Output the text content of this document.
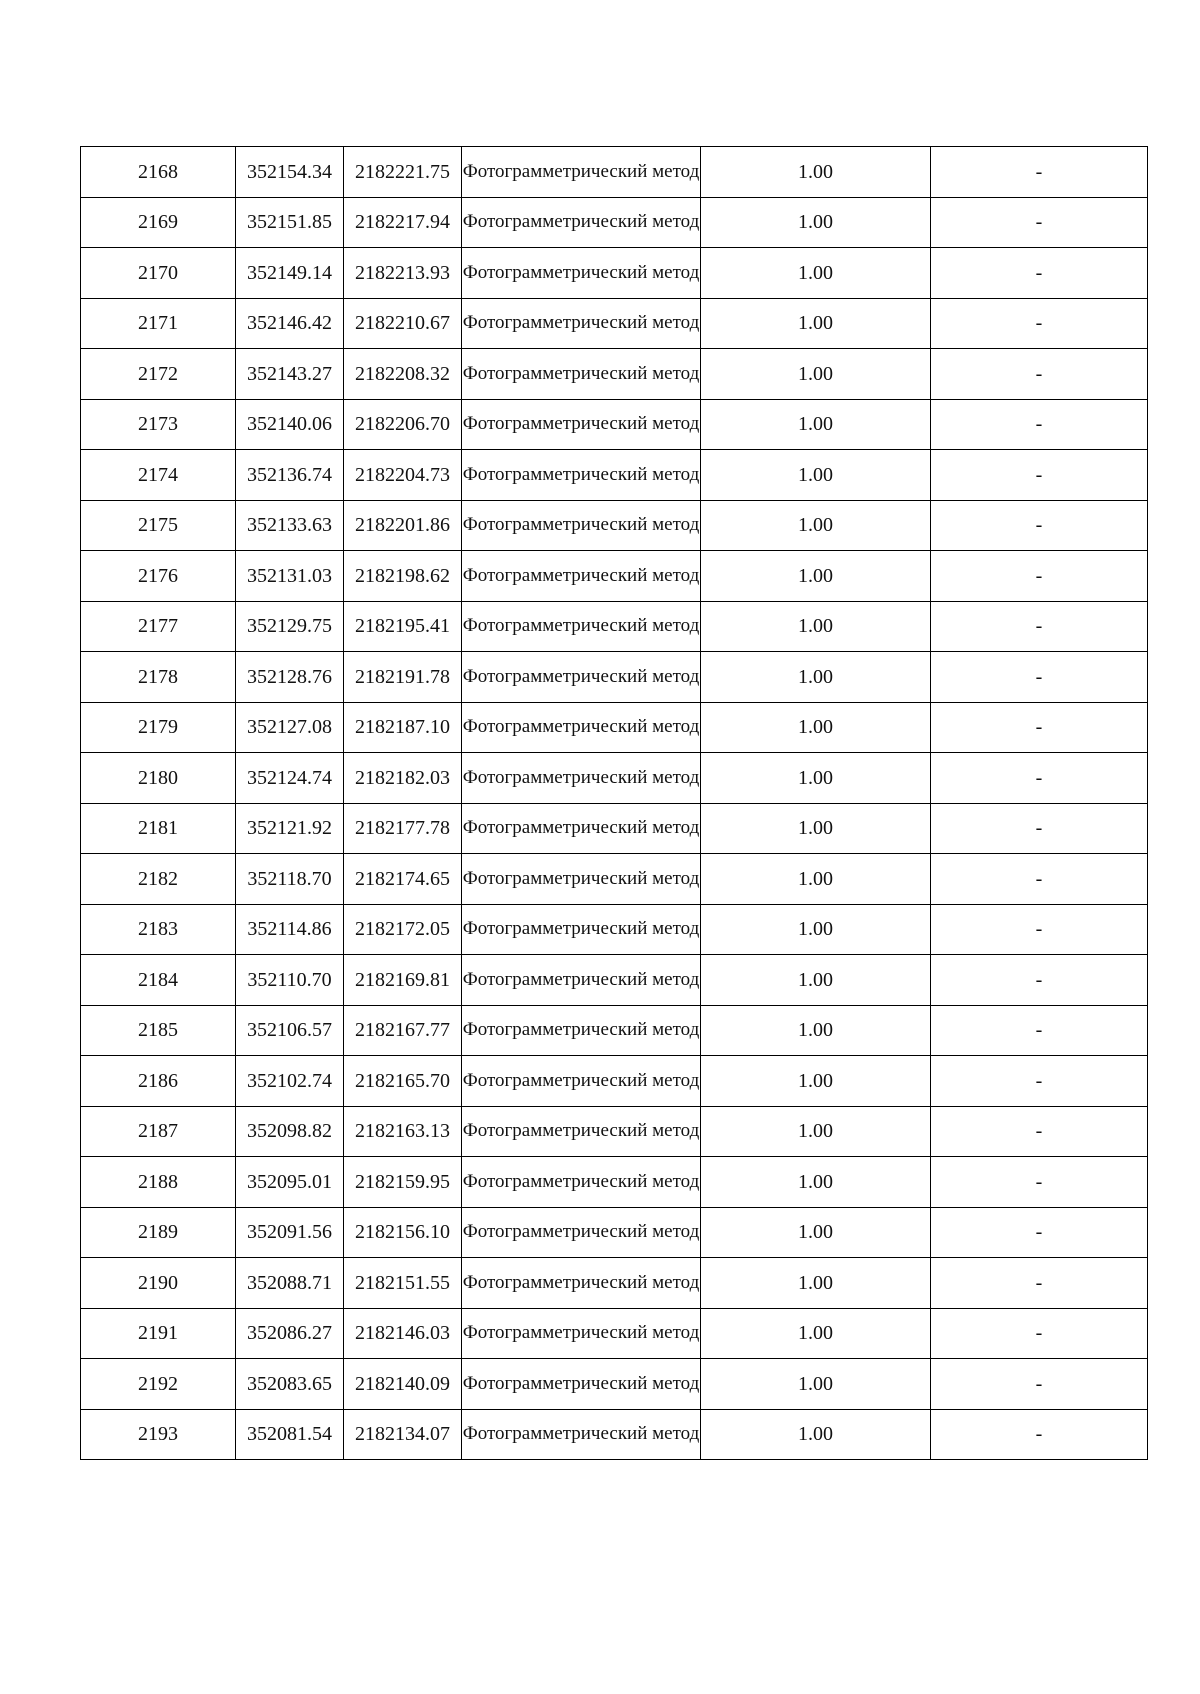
2168	352154.34	2182221.75	Фотограмметрический метод	1.00	-
2169	352151.85	2182217.94	Фотограмметрический метод	1.00	-
2170	352149.14	2182213.93	Фотограмметрический метод	1.00	-
2171	352146.42	2182210.67	Фотограмметрический метод	1.00	-
2172	352143.27	2182208.32	Фотограмметрический метод	1.00	-
2173	352140.06	2182206.70	Фотограмметрический метод	1.00	-
2174	352136.74	2182204.73	Фотограмметрический метод	1.00	-
2175	352133.63	2182201.86	Фотограмметрический метод	1.00	-
2176	352131.03	2182198.62	Фотограмметрический метод	1.00	-
2177	352129.75	2182195.41	Фотограмметрический метод	1.00	-
2178	352128.76	2182191.78	Фотограмметрический метод	1.00	-
2179	352127.08	2182187.10	Фотограмметрический метод	1.00	-
2180	352124.74	2182182.03	Фотограмметрический метод	1.00	-
2181	352121.92	2182177.78	Фотограмметрический метод	1.00	-
2182	352118.70	2182174.65	Фотограмметрический метод	1.00	-
2183	352114.86	2182172.05	Фотограмметрический метод	1.00	-
2184	352110.70	2182169.81	Фотограмметрический метод	1.00	-
2185	352106.57	2182167.77	Фотограмметрический метод	1.00	-
2186	352102.74	2182165.70	Фотограмметрический метод	1.00	-
2187	352098.82	2182163.13	Фотограмметрический метод	1.00	-
2188	352095.01	2182159.95	Фотограмметрический метод	1.00	-
2189	352091.56	2182156.10	Фотограмметрический метод	1.00	-
2190	352088.71	2182151.55	Фотограмметрический метод	1.00	-
2191	352086.27	2182146.03	Фотограмметрический метод	1.00	-
2192	352083.65	2182140.09	Фотограмметрический метод	1.00	-
2193	352081.54	2182134.07	Фотограмметрический метод	1.00	-
